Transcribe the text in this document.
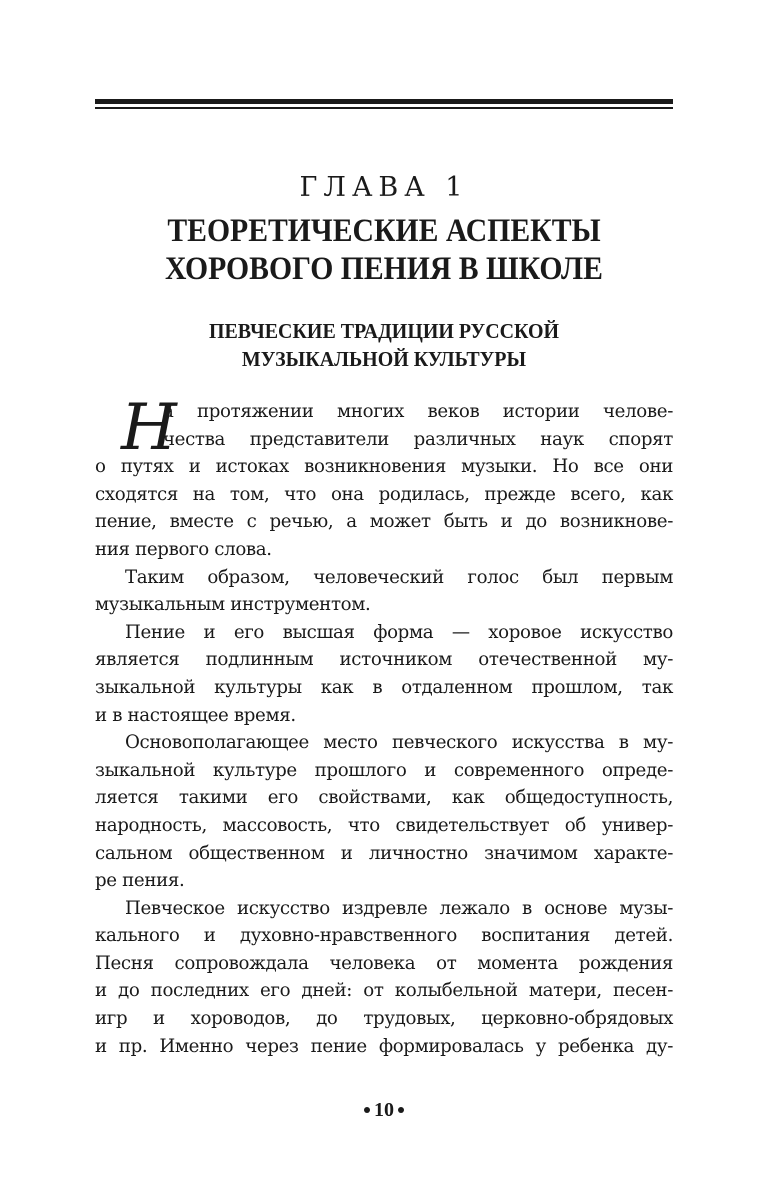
ГЛАВА 1
ТЕОРЕТИЧЕСКИЕ АСПЕКТЫ
ХОРОВОГО ПЕНИЯ В ШКОЛЕ
ПЕВЧЕСКИЕ ТРАДИЦИИ РУССКОЙ
МУЗЫКАЛЬНОЙ КУЛЬТУРЫ
Н
а протяжении многих веков истории челове-
чества представители различных наук спорят
о путях и истоках возникновения музыки. Но все они
сходятся на том, что она родилась, прежде всего, как
пение, вместе с речью, а может быть и до возникнове-
ния первого слова.
Таким образом, человеческий голос был первым
музыкальным инструментом.
Пение и его высшая форма — хоровое искусство
является подлинным источником отечественной му-
зыкальной культуры как в отдаленном прошлом, так
и в настоящее время.
Основополагающее место певческого искусства в му-
зыкальной культуре прошлого и современного опреде-
ляется такими его свойствами, как общедоступность,
народность, массовость, что свидетельствует об универ-
сальном общественном и личностно значимом характе-
ре пения.
Певческое искусство издревле лежало в основе музы-
кального и духовно-нравственного воспитания детей.
Песня сопровождала человека от момента рождения
и до последних его дней: от колыбельной матери, песен-
игр и хороводов, до трудовых, церковно-обрядовых
и пр. Именно через пение формировалась у ребенка ду-
10
